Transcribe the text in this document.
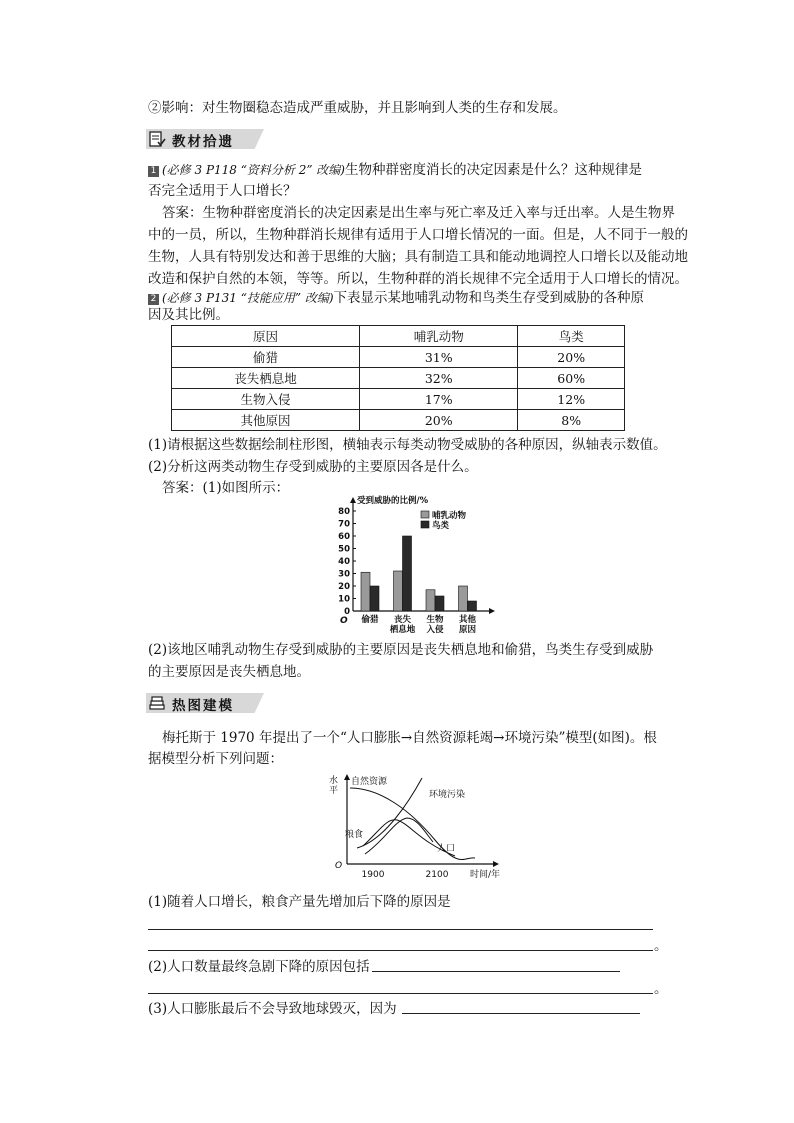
②影响：对生物圈稳态造成严重威胁，并且影响到人类的生存和发展。
教材拾遗
1 (必修 3 P118 “资料分析 2” 改编)生物种群密度消长的决定因素是什么？这种规律是
否完全适用于人口增长？
答案：生物种群密度消长的决定因素是出生率与死亡率及迁入率与迁出率。人是生物界
中的一员，所以，生物种群消长规律有适用于人口增长情况的一面。但是，人不同于一般的
生物，人具有特别发达和善于思维的大脑；具有制造工具和能动地调控人口增长以及能动地
改造和保护自然的本领，等等。所以，生物种群的消长规律不完全适用于人口增长的情况。
2 (必修 3 P131 “技能应用” 改编)下表显示某地哺乳动物和鸟类生存受到威胁的各种原
因及其比例。
原因	哺乳动物	鸟类
偷猎	31%	20%
丧失栖息地	32%	60%
生物入侵	17%	12%
其他原因	20%	8%
(1)请根据这些数据绘制柱形图，横轴表示每类动物受威胁的各种原因，纵轴表示数值。
(2)分析这两类动物生存受到威胁的主要原因各是什么。
答案：(1)如图所示：
受到威胁的比例/%
O
80
70
60
50
40
30
20
10
0
偷猎 丧失
栖息地
生物
入侵
其他
原因
哺乳动物
鸟类
(2)该地区哺乳动物生存受到威胁的主要原因是丧失栖息地和偷猎，鸟类生存受到威胁
的主要原因是丧失栖息地。
热图建模
梅托斯于 1970 年提出了一个“人口膨胀→自然资源耗竭→环境污染”模型(如图)。根
据模型分析下列问题：
水
平
O
时间/年
1900	2100
自然资源
环境污染
粮食
人口
(1)随着人口增长，粮食产量先增加后下降的原因是
。
(2)人口数量最终急剧下降的原因包括
。
(3)人口膨胀最后不会导致地球毁灭，因为
